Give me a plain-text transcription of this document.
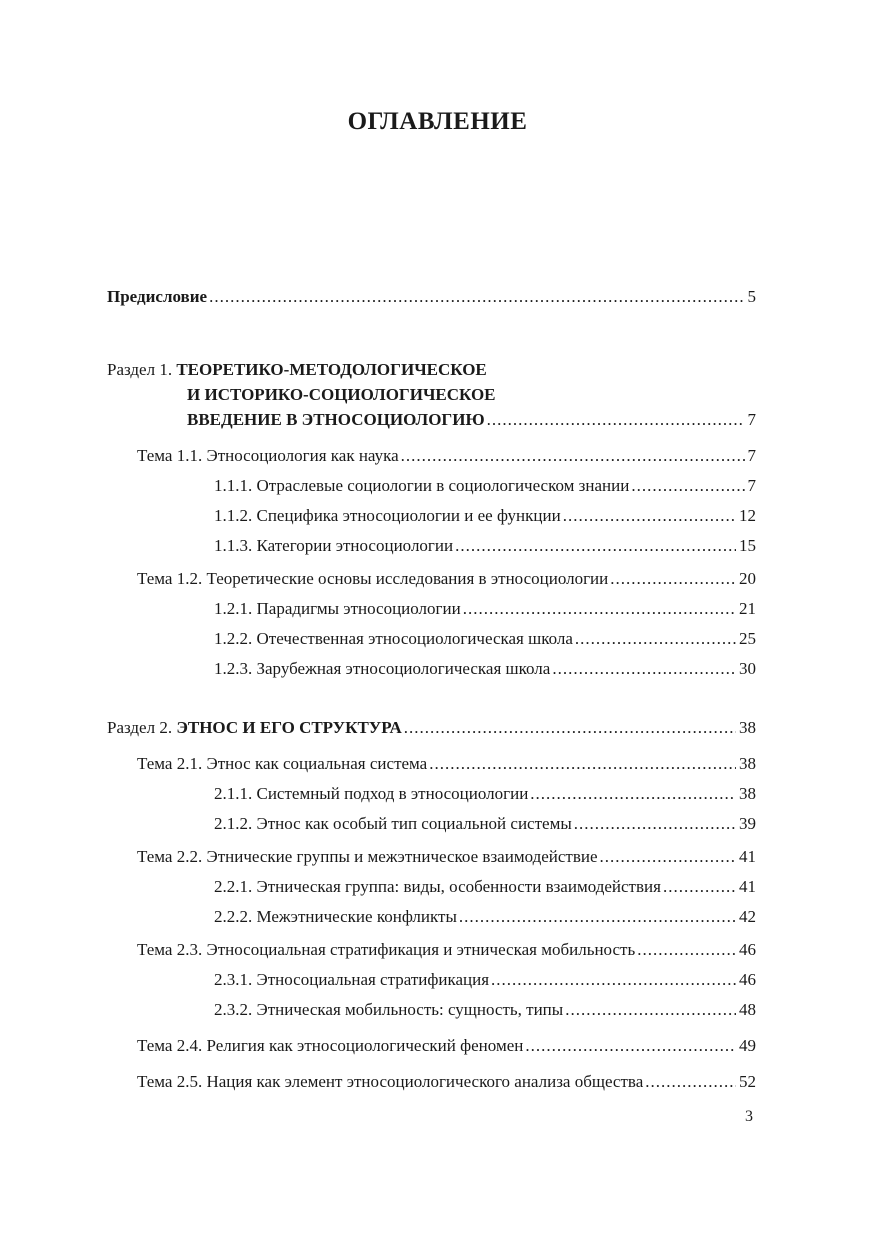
ОГЛАВЛЕНИЕ
Предисловие .....	5
Раздел 1. ТЕОРЕТИКО-МЕТОДОЛОГИЧЕСКОЕ
И ИСТОРИКО-СОЦИОЛОГИЧЕСКОЕ
ВВЕДЕНИЕ В ЭТНОСОЦИОЛОГИЮ .....	7
Тема 1.1. Этносоциология как наука .....	7
1.1.1. Отраслевые социологии в социологическом знании .....	7
1.1.2. Специфика этносоциологии и ее функции .....	12
1.1.3. Категории этносоциологии .....	15
Тема 1.2. Теоретические основы исследования в этносоциологии .....	20
1.2.1. Парадигмы этносоциологии .....	21
1.2.2. Отечественная этносоциологическая школа .....	25
1.2.3. Зарубежная этносоциологическая школа .....	30
Раздел 2. ЭТНОС И ЕГО СТРУКТУРА .....	38
Тема 2.1. Этнос как социальная система .....	38
2.1.1. Системный подход в этносоциологии .....	38
2.1.2. Этнос как особый тип социальной системы .....	39
Тема 2.2. Этнические группы и межэтническое взаимодействие .....	41
2.2.1. Этническая группа: виды, особенности взаимодействия .....	41
2.2.2. Межэтнические конфликты .....	42
Тема 2.3. Этносоциальная стратификация и этническая мобильность .....	46
2.3.1. Этносоциальная стратификация .....	46
2.3.2. Этническая мобильность: сущность, типы .....	48
Тема 2.4. Религия как этносоциологический феномен .....	49
Тема 2.5. Нация как элемент этносоциологического анализа общества .....	52
3
